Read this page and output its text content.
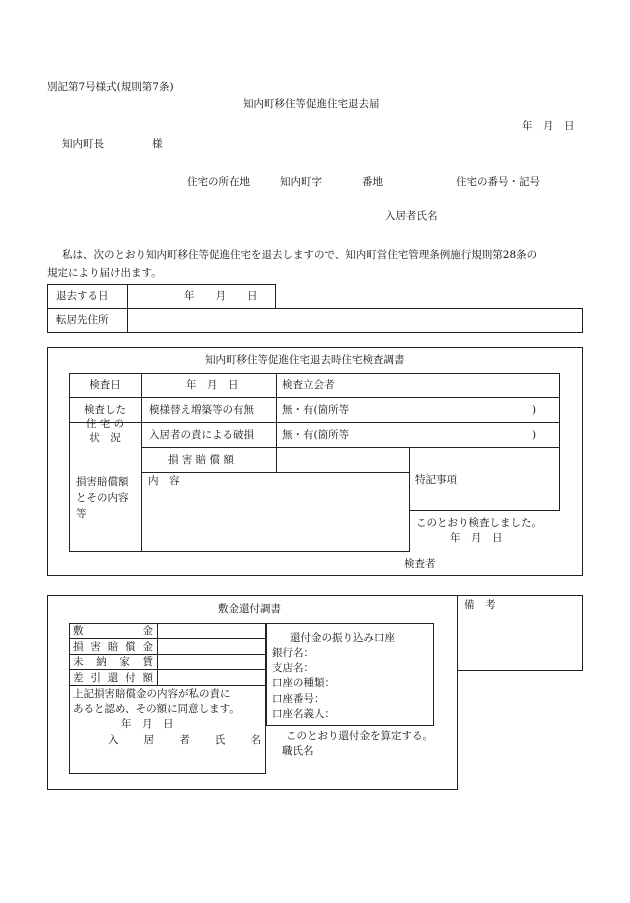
別記第7号様式(規則第7条)
知内町移住等促進住宅退去届
年　月　日
知内町長	様
住宅の所在地	知内町字	番地	住宅の番号・記号
入居者氏名
私は、次のとおり知内町移住等促進住宅を退去しますので、知内町営住宅管理条例施行規則第28条の
規定により届け出ます。
退去する日	年　　月　　日
転居先住所
知内町移住等促進住宅退去時住宅検査調書
検査日	年　月　日	検査立会者
検査した
住 宅 の
状　況
模様替え増築等の有無	無・有(箇所等	)
入居者の責による破損	無・有(箇所等	)
損害賠償額
とその内容
等
損 害 賠 償 額
内　容	特記事項
このとおり検査しました。
年　月　日
検査者
備　考
敷金還付調書
敷	金
損 害 賠 償 金
未 納 家 賃
差 引 還 付 額
上記損害賠償金の内容が私の責に
あると認め、その額に同意します。
年　月　日
入 居 者 氏 名
還付金の振り込み口座
銀行名：
支店名：
口座の種類：
口座番号：
口座名義人：
このとおり還付金を算定する。
職氏名
